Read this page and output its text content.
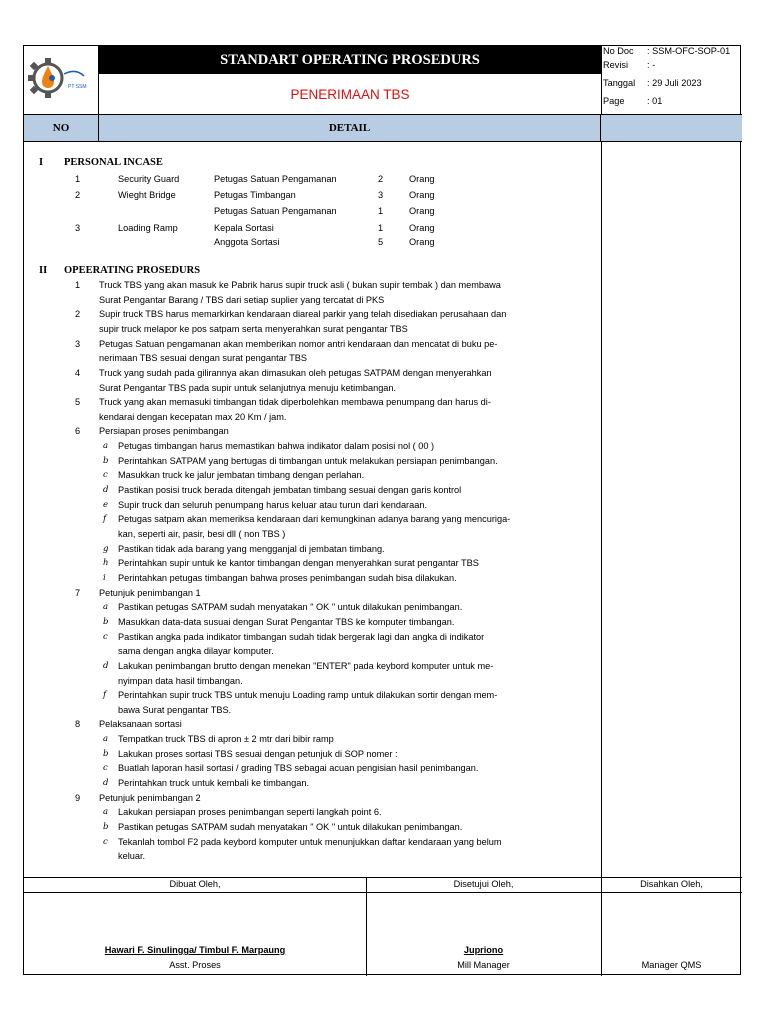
PT SSM
STANDART OPERATING PROSEDURS
PENERIMAAN TBS
No Doc : SSM-OFC-SOP-01
Revisi : -
Tanggal : 29 Juli 2023
Page : 01
NO	DETAIL
I PERSONAL INCASE
1	Security Guard	Petugas Satuan Pengamanan	2	Orang
2	Wieght Bridge	Petugas Timbangan	3	Orang
Petugas Satuan Pengamanan	1	Orang
3	Loading Ramp	Kepala Sortasi	1	Orang
Anggota Sortasi	5	Orang
II OPEERATING PROSEDURS
1 Truck TBS yang akan masuk ke Pabrik harus supir truck asli ( bukan supir tembak ) dan membawa
Surat Pengantar Barang / TBS dari setiap suplier yang tercatat di PKS
2 Supir truck TBS harus memarkirkan kendaraan diareal parkir yang telah disediakan perusahaan dan
supir truck melapor ke pos satpam serta menyerahkan surat pengantar TBS
3 Petugas Satuan pengamanan akan memberikan nomor antri kendaraan dan mencatat di buku pe-
nerimaan TBS sesuai dengan surat pengantar TBS
4 Truck yang sudah pada gilirannya akan dimasukan oleh petugas SATPAM dengan menyerahkan
Surat Pengantar TBS pada supir untuk selanjutnya menuju ketimbangan.
5 Truck yang akan memasuki timbangan tidak diperbolehkan membawa penumpang dan harus di-
kendarai dengan kecepatan max 20 Km / jam.
6 Persiapan proses penimbangan
a Petugas timbangan harus memastikan bahwa indikator dalam posisi nol ( 00 )
b Perintahkan SATPAM yang bertugas di timbangan untuk melakukan persiapan penimbangan.
c Masukkan truck ke jalur jembatan timbang dengan perlahan.
d Pastikan posisi truck berada ditengah jembatan timbang sesuai dengan garis kontrol
e Supir truck dan seluruh penumpang harus keluar atau turun dari kendaraan.
f Petugas satpam akan memeriksa kendaraan dari kemungkinan adanya barang yang mencuriga-
kan, seperti air, pasir, besi dll ( non TBS )
g Pastikan tidak ada barang yang mengganjal di jembatan timbang.
h Perintahkan supir untuk ke kantor timbangan dengan menyerahkan surat pengantar TBS
i Perintahkan petugas timbangan bahwa proses penimbangan sudah bisa dilakukan.
7 Petunjuk penimbangan 1
a Pastikan petugas SATPAM sudah menyatakan " OK " untuk dilakukan penimbangan.
b Masukkan data-data susuai dengan Surat Pengantar TBS ke komputer timbangan.
c Pastikan angka pada indikator timbangan sudah tidak bergerak lagi dan angka di indikator
sama dengan angka dilayar komputer.
d Lakukan penimbangan brutto dengan menekan "ENTER" pada keybord komputer untuk me-
nyimpan data hasil timbangan.
f Perintahkan supir truck TBS untuk menuju Loading ramp untuk dilakukan sortir dengan mem-
bawa Surat pengantar TBS.
8 Pelaksanaan sortasi
a Tempatkan truck TBS di apron ± 2 mtr dari bibir ramp
b Lakukan proses sortasi TBS sesuai dengan petunjuk di SOP nomer :
c Buatlah laporan hasil sortasi / grading TBS sebagai acuan pengisian hasil penimbangan.
d Perintahkan truck untuk kembali ke timbangan.
9 Petunjuk penimbangan 2
a Lakukan persiapan proses penimbangan seperti langkah point 6.
b Pastikan petugas SATPAM sudah menyatakan " OK " untuk dilakukan penimbangan.
c Tekanlah tombol F2 pada keybord komputer untuk menunjukkan daftar kendaraan yang belum
keluar.
Dibuat Oleh,	Disetujui Oleh,	Disahkan Oleh,
Hawari F. Sinulingga/ Timbul F. Marpaung	Jupriono
Asst. Proses	Mill Manager	Manager QMS
